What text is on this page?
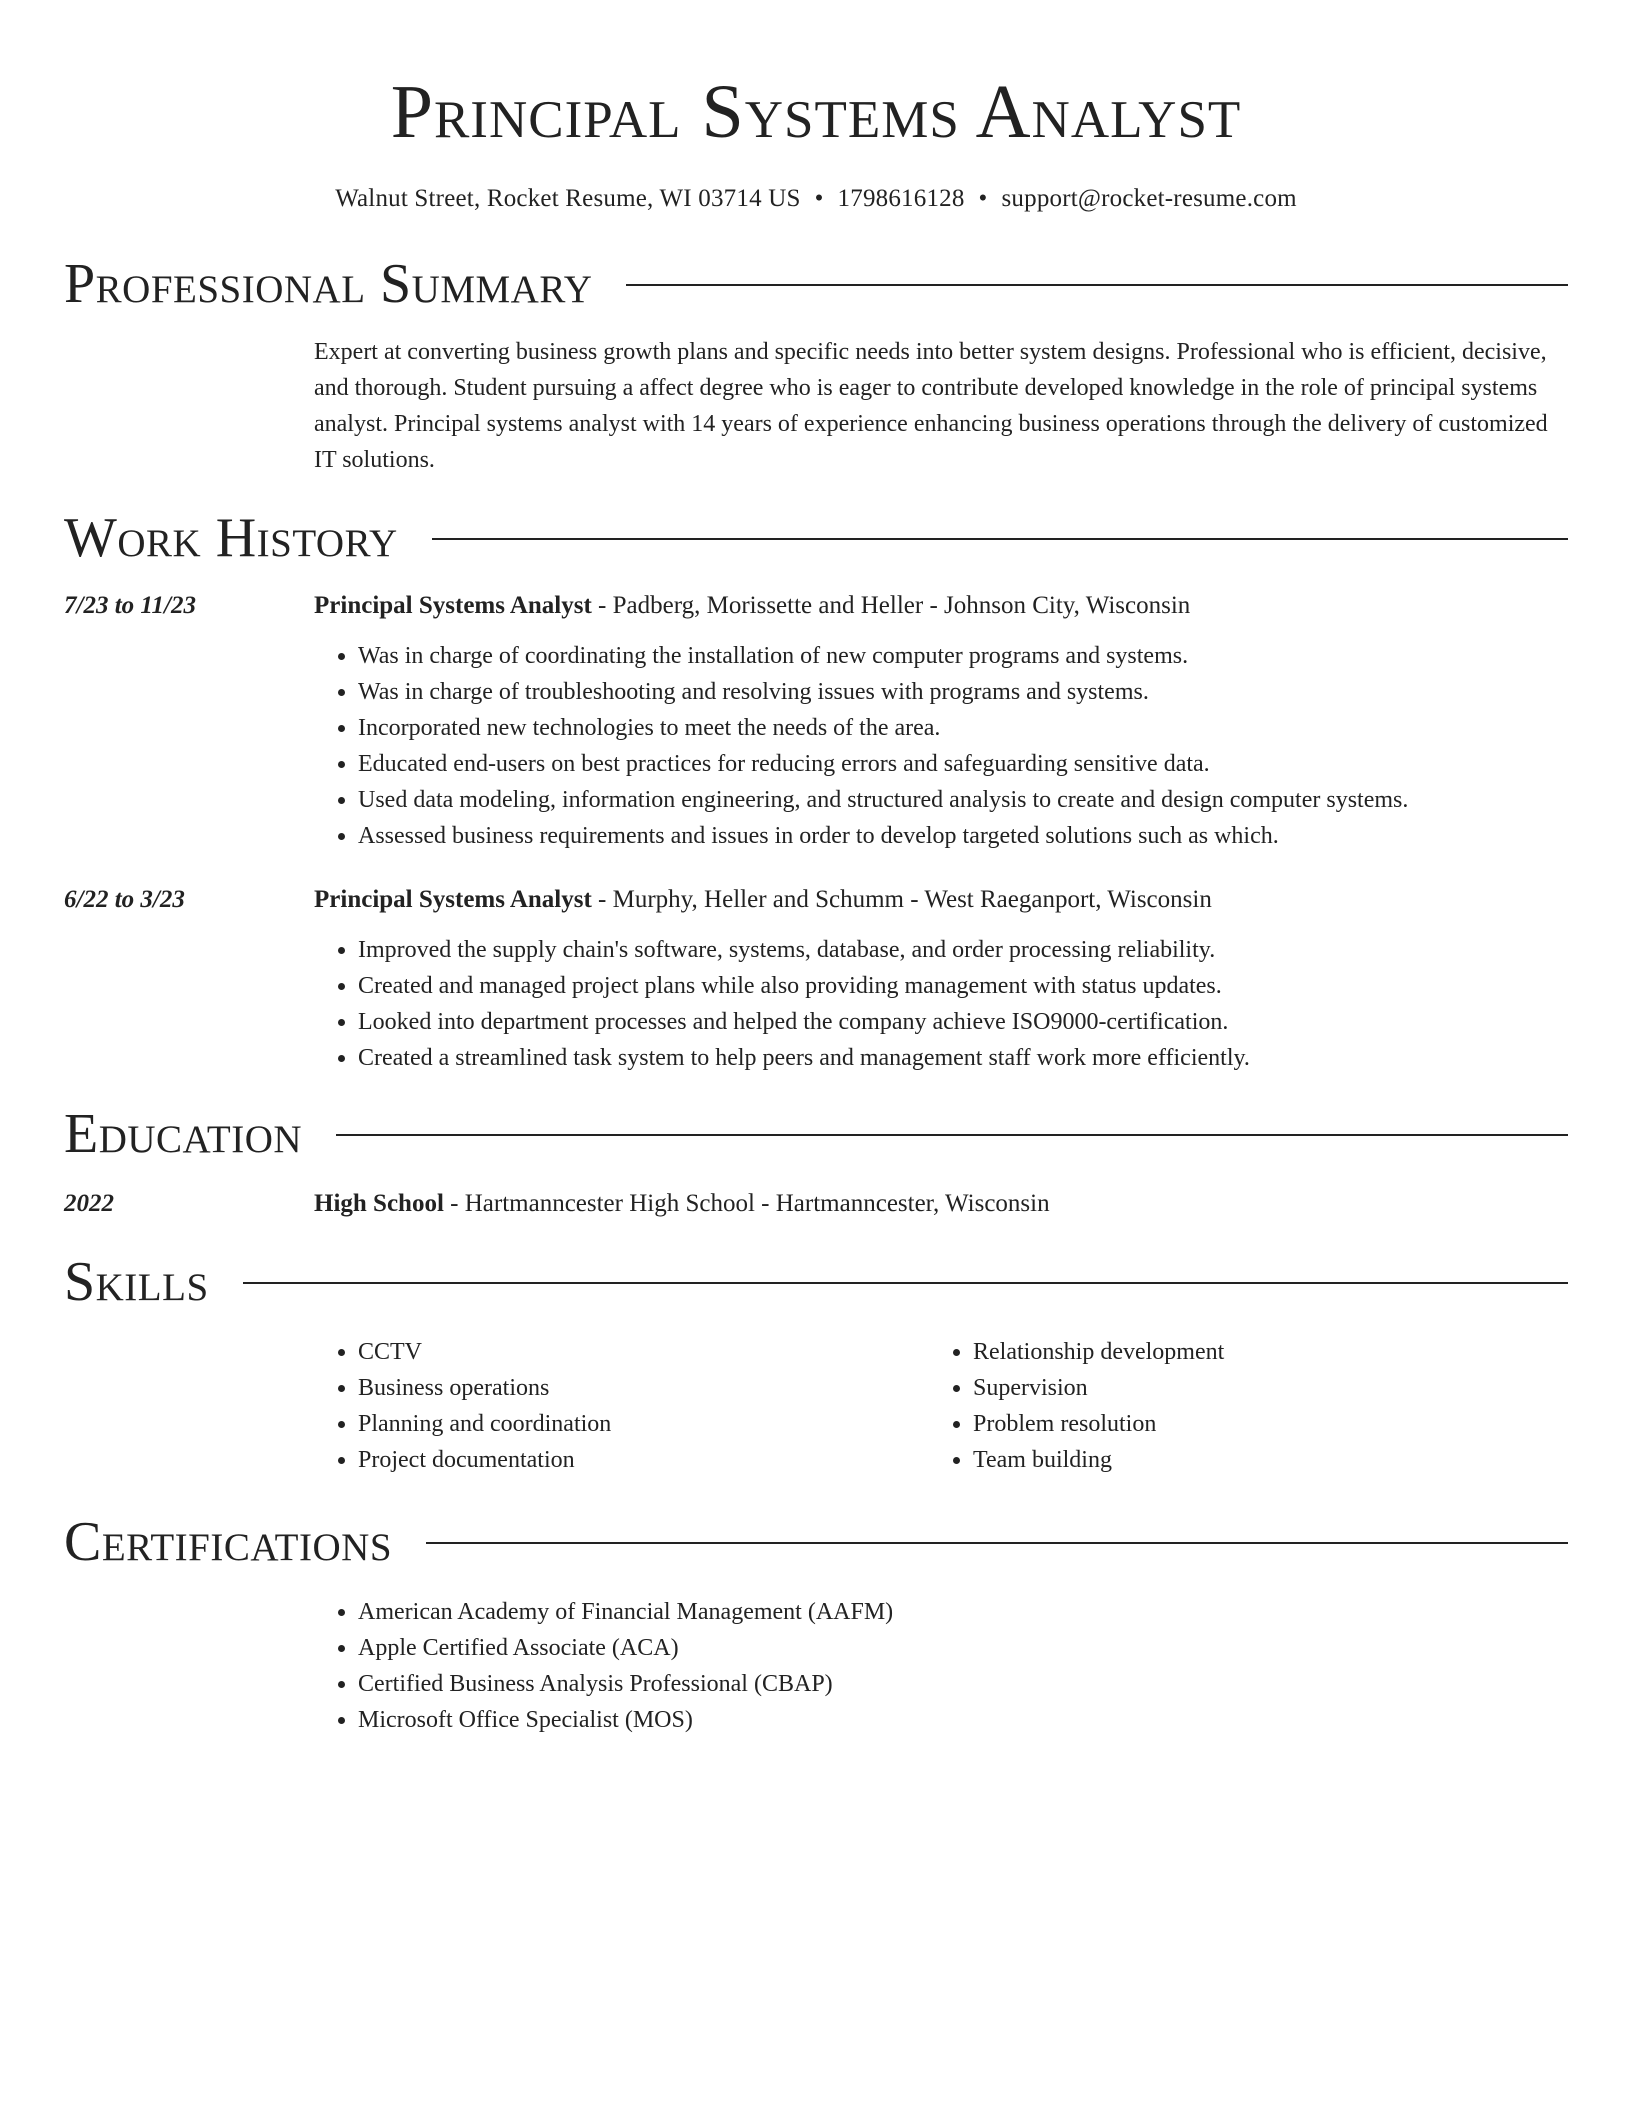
Principal Systems Analyst
Walnut Street, Rocket Resume, WI 03714 US • 1798616128 • support@rocket-resume.com
Professional Summary
Expert at converting business growth plans and specific needs into better system designs. Professional who is efficient, decisive, and thorough. Student pursuing a affect degree who is eager to contribute developed knowledge in the role of principal systems analyst. Principal systems analyst with 14 years of experience enhancing business operations through the delivery of customized IT solutions.
Work History
7/23 to 11/23	Principal Systems Analyst - Padberg, Morissette and Heller - Johnson City, Wisconsin
• Was in charge of coordinating the installation of new computer programs and systems.
• Was in charge of troubleshooting and resolving issues with programs and systems.
• Incorporated new technologies to meet the needs of the area.
• Educated end-users on best practices for reducing errors and safeguarding sensitive data.
• Used data modeling, information engineering, and structured analysis to create and design computer systems.
• Assessed business requirements and issues in order to develop targeted solutions such as which.
6/22 to 3/23	Principal Systems Analyst - Murphy, Heller and Schumm - West Raeganport, Wisconsin
• Improved the supply chain's software, systems, database, and order processing reliability.
• Created and managed project plans while also providing management with status updates.
• Looked into department processes and helped the company achieve ISO9000-certification.
• Created a streamlined task system to help peers and management staff work more efficiently.
Education
2022	High School - Hartmanncester High School - Hartmanncester, Wisconsin
Skills
• CCTV
• Business operations
• Planning and coordination
• Project documentation
• Relationship development
• Supervision
• Problem resolution
• Team building
Certifications
• American Academy of Financial Management (AAFM)
• Apple Certified Associate (ACA)
• Certified Business Analysis Professional (CBAP)
• Microsoft Office Specialist (MOS)
